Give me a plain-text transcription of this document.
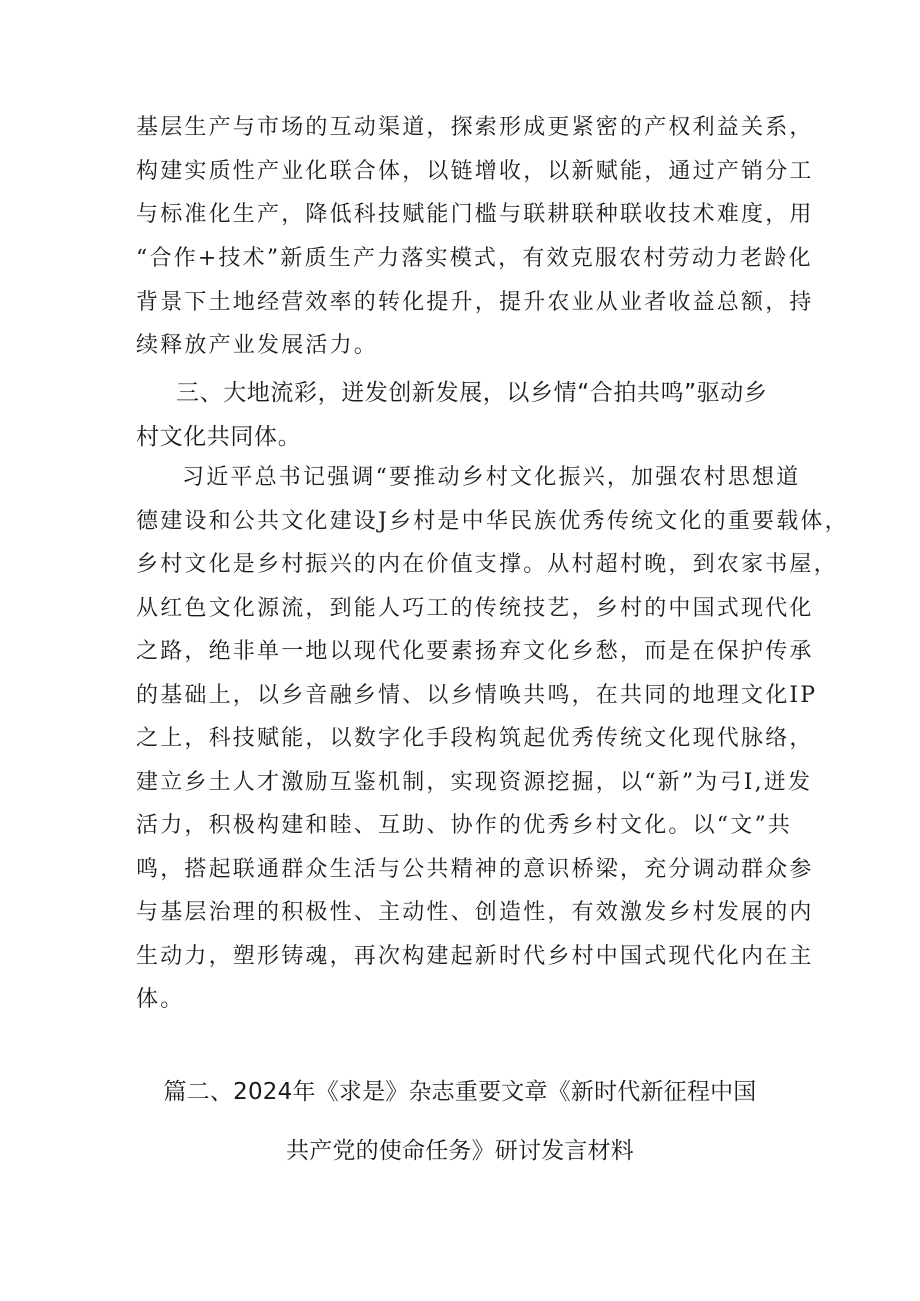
基层生产与市场的互动渠道，探索形成更紧密的产权利益关系，
构建实质性产业化联合体，以链增收，以新赋能，通过产销分工
与标准化生产，降低科技赋能门槛与联耕联种联收技术难度，用
“合作+技术”新质生产力落实模式，有效克服农村劳动力老龄化
背景下土地经营效率的转化提升，提升农业从业者收益总额，持
续释放产业发展活力。
三、大地流彩，迸发创新发展，以乡情“合拍共鸣”驱动乡
村文化共同体。
习近平总书记强调“要推动乡村文化振兴，加强农村思想道
德建设和公共文化建设J乡村是中华民族优秀传统文化的重要载体，
乡村文化是乡村振兴的内在价值支撑。从村超村晚，到农家书屋，
从红色文化源流，到能人巧工的传统技艺，乡村的中国式现代化
之路，绝非单一地以现代化要素扬弃文化乡愁，而是在保护传承
的基础上，以乡音融乡情、以乡情唤共鸣，在共同的地理文化IP
之上，科技赋能，以数字化手段构筑起优秀传统文化现代脉络，
建立乡土人才激励互鉴机制，实现资源挖掘，以“新”为弓I,迸发
活力，积极构建和睦、互助、协作的优秀乡村文化。以“文”共
鸣，搭起联通群众生活与公共精神的意识桥梁，充分调动群众参
与基层治理的积极性、主动性、创造性，有效激发乡村发展的内
生动力，塑形铸魂，再次构建起新时代乡村中国式现代化内在主
体。
篇二、2024年《求是》杂志重要文章《新时代新征程中国
共产党的使命任务》研讨发言材料
